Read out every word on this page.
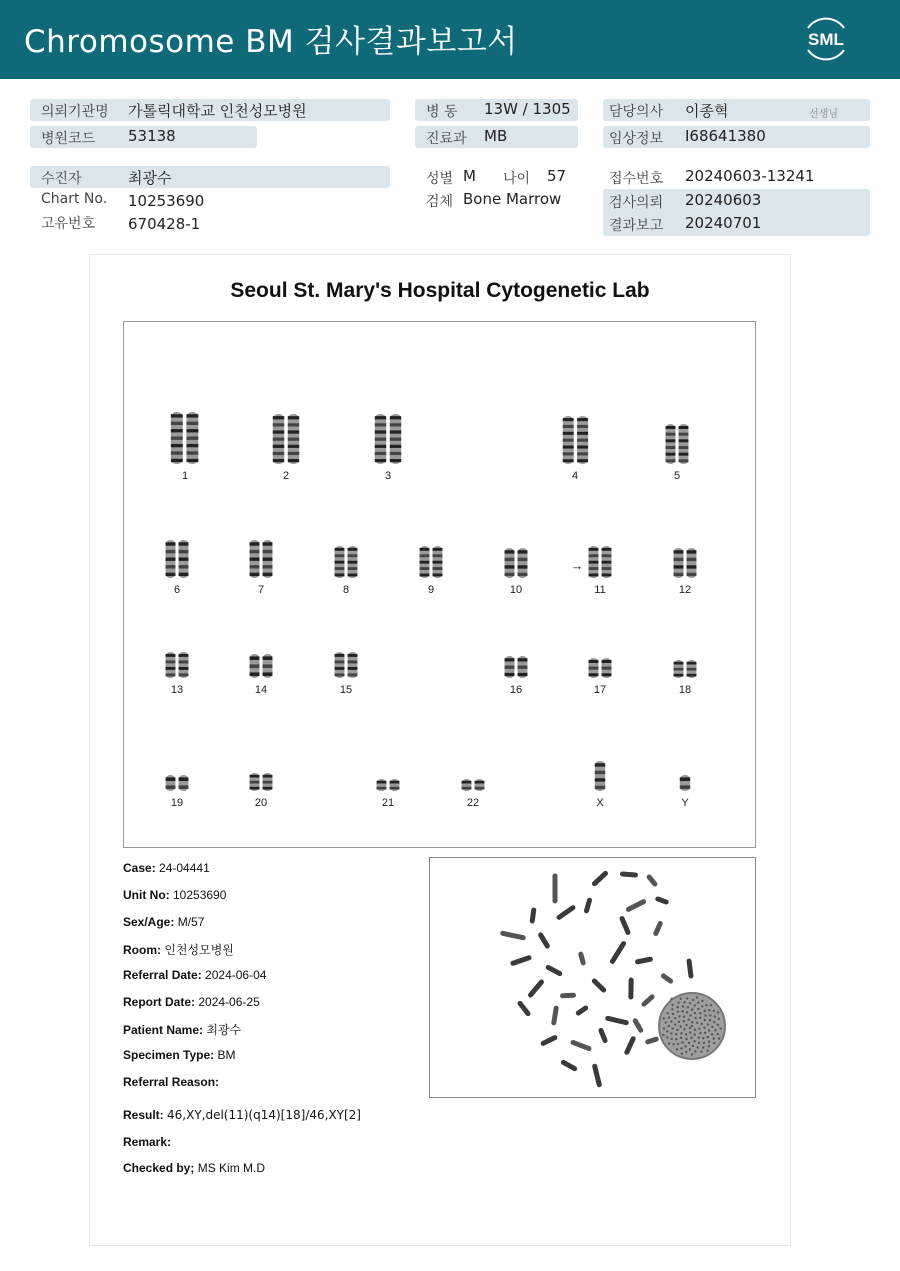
Chromosome BM 검사결과보고서	SML
의뢰기관명 가톨릭대학교 인천성모병원
병원코드 53138
수진자	최광수
Chart No. 10253690
고유번호 670428-1
병 동 13W / 1305
진료과 MB
성별 M 나이 57
검체 Bone Marrow
담당의사 이종혁	선생님
임상정보 I68641380
접수번호 20240603-13241
검사의뢰 20240603
결과보고 20240701
Seoul St. Mary's Hospital Cytogenetic Lab
→
1	2	3	4	5
6	7	8	9	10	11	12
13	14	15	16	17	18
19	20	21	22	X	Y
Case: 24-04441
Unit No: 10253690
Sex/Age: M/57
Room: 인천성모병원
Referral Date: 2024-06-04
Report Date: 2024-06-25
Patient Name: 최광수
Specimen Type: BM
Referral Reason:
Result: 46,XY,del(11)(q14)[18]/46,XY[2]
Remark:
Checked by; MS Kim M.D
